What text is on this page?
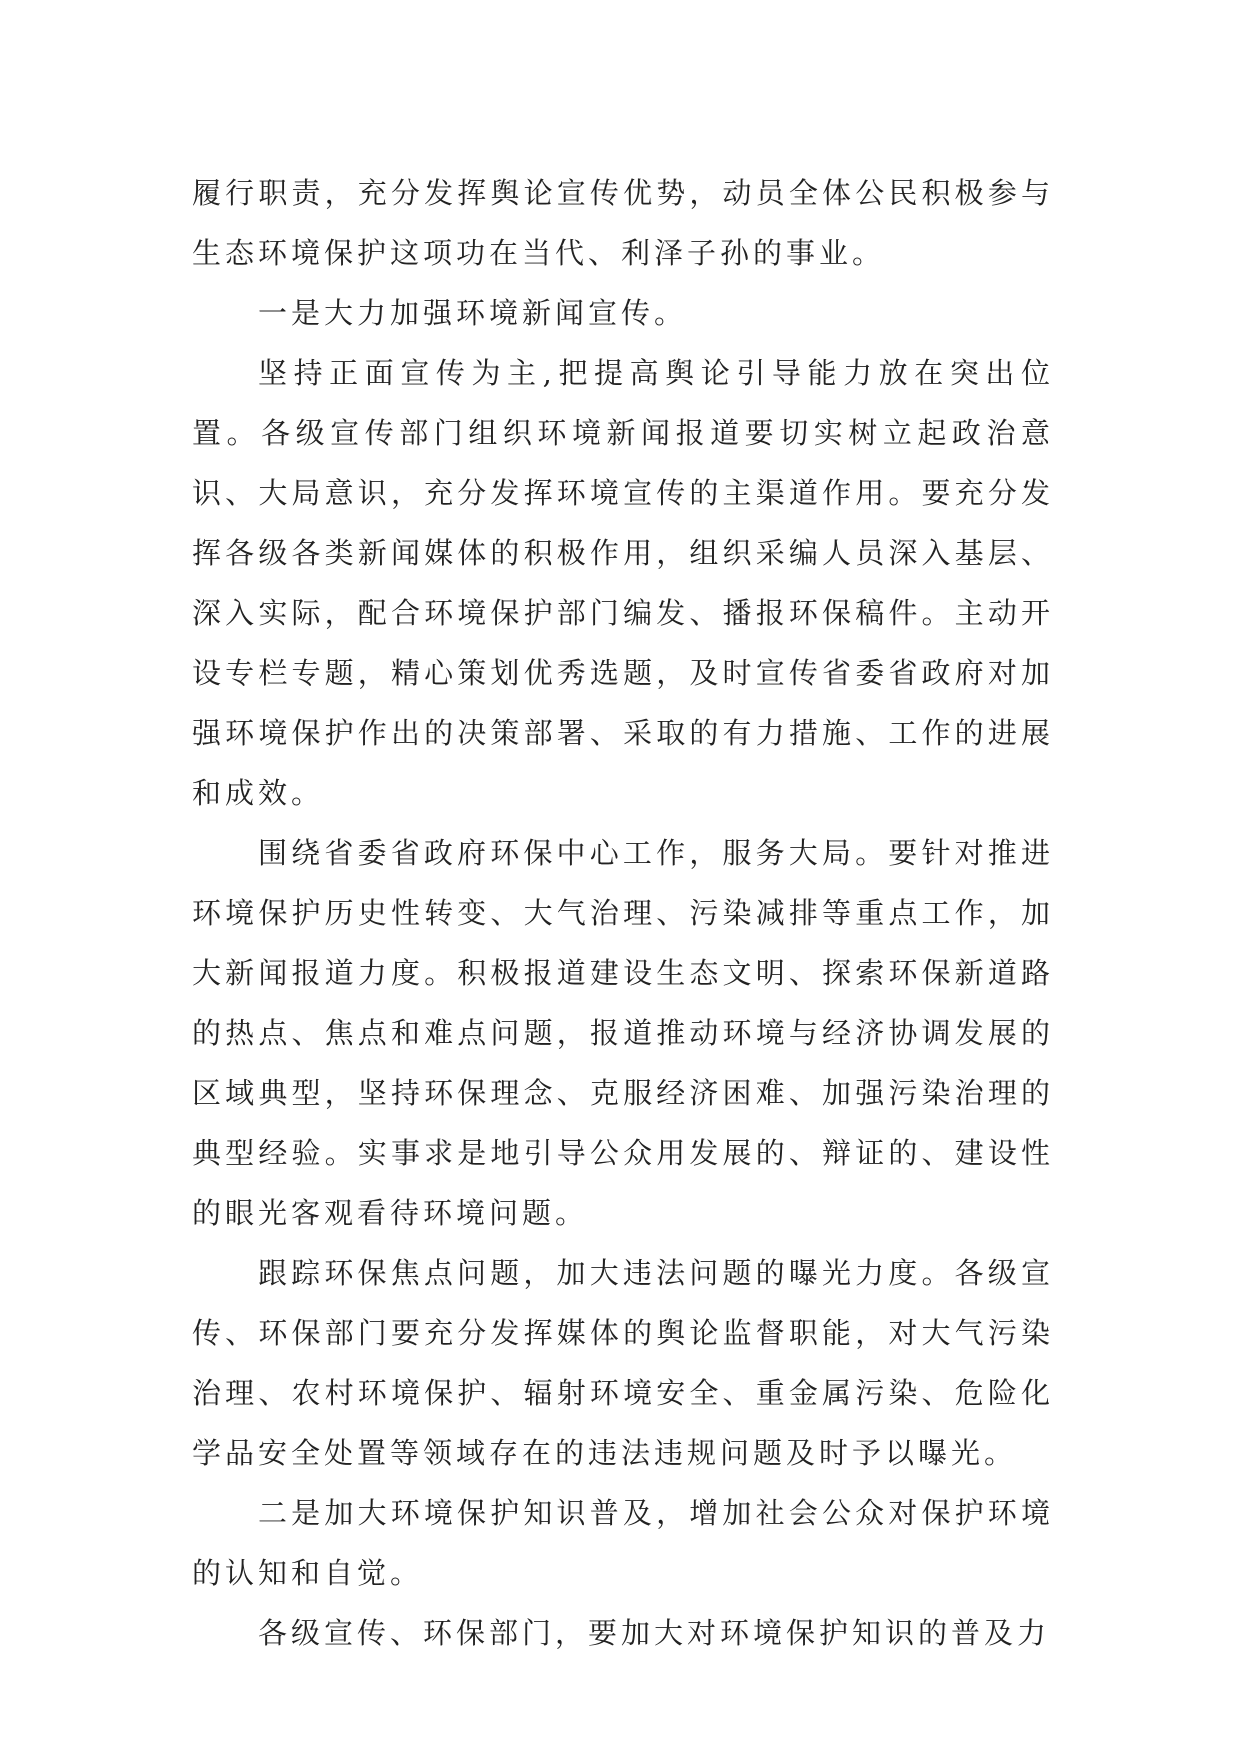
履行职责，充分发挥舆论宣传优势，动员全体公民积极参与生态环境保护这项功在当代、利泽子孙的事业。

一是大力加强环境新闻宣传。

坚持正面宣传为主,把提高舆论引导能力放在突出位置。各级宣传部门组织环境新闻报道要切实树立起政治意识、大局意识，充分发挥环境宣传的主渠道作用。要充分发挥各级各类新闻媒体的积极作用，组织采编人员深入基层、深入实际，配合环境保护部门编发、播报环保稿件。主动开设专栏专题，精心策划优秀选题，及时宣传省委省政府对加强环境保护作出的决策部署、采取的有力措施、工作的进展和成效。

围绕省委省政府环保中心工作，服务大局。要针对推进环境保护历史性转变、大气治理、污染减排等重点工作，加大新闻报道力度。积极报道建设生态文明、探索环保新道路的热点、焦点和难点问题，报道推动环境与经济协调发展的区域典型，坚持环保理念、克服经济困难、加强污染治理的典型经验。实事求是地引导公众用发展的、辩证的、建设性的眼光客观看待环境问题。

跟踪环保焦点问题，加大违法问题的曝光力度。各级宣传、环保部门要充分发挥媒体的舆论监督职能，对大气污染治理、农村环境保护、辐射环境安全、重金属污染、危险化学品安全处置等领域存在的违法违规问题及时予以曝光。

二是加大环境保护知识普及，增加社会公众对保护环境的认知和自觉。

各级宣传、环保部门，要加大对环境保护知识的普及力
